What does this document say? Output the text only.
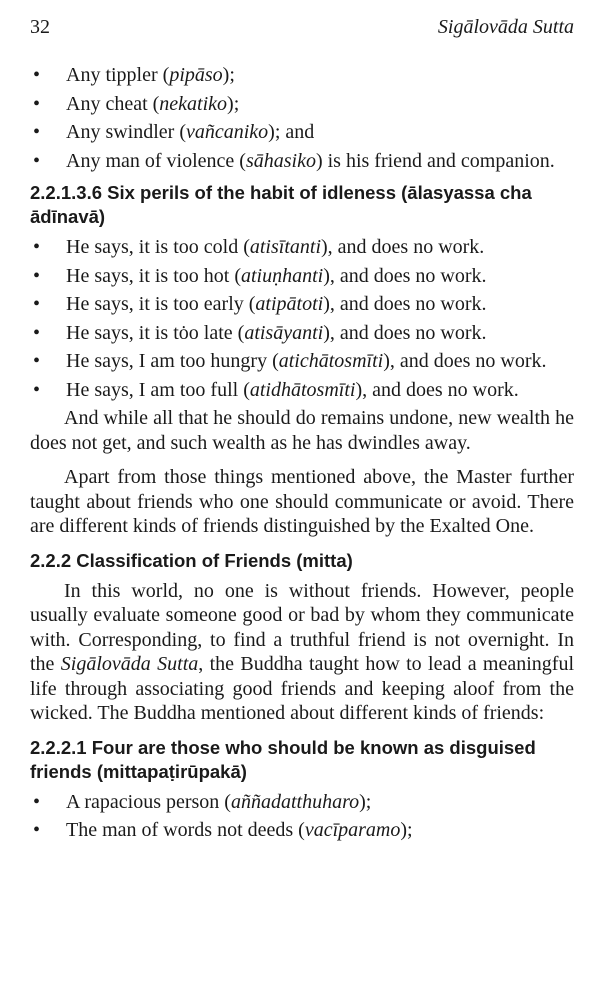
32	Sigālovāda Sutta
• Any tippler (pipāso);
• Any cheat (nekatiko);
• Any swindler (vañcaniko); and
• Any man of violence (sāhasiko) is his friend and companion.
2.2.1.3.6 Six perils of the habit of idleness (ālasyassa cha ādīnavā)
• He says, it is too cold (atisītanti), and does no work.
• He says, it is too hot (atiuṇhanti), and does no work.
• He says, it is too early (atipātoti), and does no work.
• He says, it is tȯo late (atisāyanti), and does no work.
• He says, I am too hungry (atichātosmīti), and does no work.
• He says, I am too full (atidhātosmīti), and does no work.

And while all that he should do remains undone, new wealth he does not get, and such wealth as he has dwindles away.

Apart from those things mentioned above, the Master further taught about friends who one should communicate or avoid. There are different kinds of friends distinguished by the Exalted One.

2.2.2 Classification of Friends (mitta)

In this world, no one is without friends. However, people usually evaluate someone good or bad by whom they communicate with. Corresponding, to find a truthful friend is not overnight. In the Sigālovāda Sutta, the Buddha taught how to lead a meaningful life through associating good friends and keeping aloof from the wicked. The Buddha mentioned about different kinds of friends:

2.2.2.1 Four are those who should be known as disguised friends (mittapaṭirūpakā)
• A rapacious person (aññadatthuharo);
• The man of words not deeds (vacīparamo);
